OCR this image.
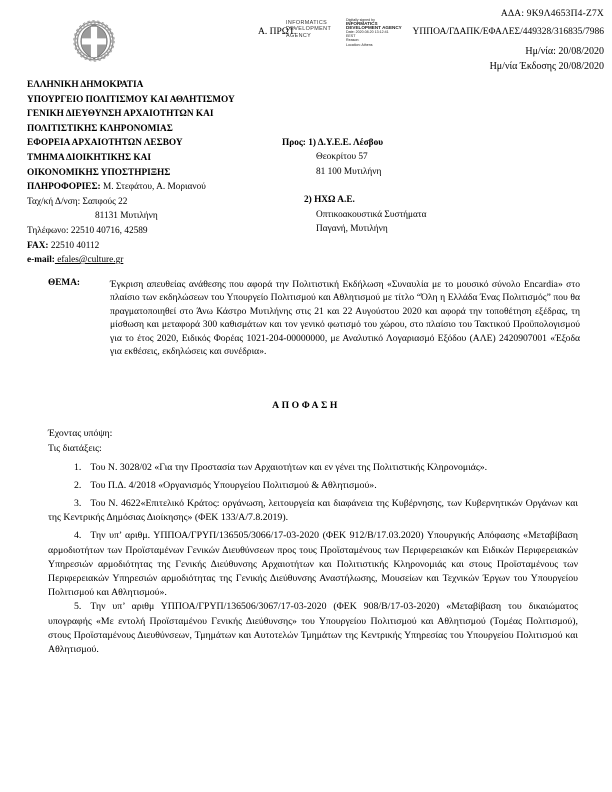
ΑΔΑ: 9Κ9Λ4653Π4-Ζ7Χ
Α. ΠΡΩΤ.	ΥΠΠΟΑ/ΓΔΑΠΚ/ΕΦΑΛΕΣ/449328/316835/7986
Ημ/νία: 20/08/2020
Ημ/νία Έκδοσης 20/08/2020
INFORMATICS
DEVELOPMENT
AGENCY
Digitally signed by
INFORMATICS
DEVELOPMENT AGENCY
Date: 2020.08.20 13:12:41
EEST
Reason:
Location: Athens
ΕΛΛΗΝΙΚΗ ΔΗΜΟΚΡΑΤΙΑ
ΥΠΟΥΡΓΕΙΟ ΠΟΛΙΤΙΣΜΟΥ ΚΑΙ ΑΘΛΗΤΙΣΜΟΥ
ΓΕΝΙΚΗ ΔΙΕΥΘΥΝΣΗ ΑΡΧΑΙΟΤΗΤΩΝ ΚΑΙ
ΠΟΛΙΤΙΣΤΙΚΗΣ ΚΛΗΡΟΝΟΜΙΑΣ
ΕΦΟΡΕΙΑ ΑΡΧΑΙΟΤΗΤΩΝ ΛΕΣΒΟΥ
ΤΜΗΜΑ ΔΙΟΙΚΗΤΙΚΗΣ ΚΑΙ
ΟΙΚΟΝΟΜΙΚΗΣ ΥΠΟΣΤΗΡΙΞΗΣ
ΠΛΗΡΟΦΟΡΙΕΣ: Μ. Στεφάτου, Α. Μοριανού
Ταχ/κή Δ/νση: Σαπφούς 22
81131 Μυτιλήνη
Τηλέφωνο: 22510 40716, 42589
FAX: 22510 40112
e-mail: efales@culture.gr
Προς: 1) Δ.Υ.Ε.Ε. Λέσβου
Θεοκρίτου 57
81 100 Μυτιλήνη
2) ΗΧΩ Α.Ε.
Οπτικοακουστικά Συστήματα
Παγανή, Μυτιλήνη
ΘΕΜΑ:	Έγκριση απευθείας ανάθεσης που αφορά την Πολιτιστική Εκδήλωση «Συναυλία με το μουσικό σύνολο Encardia» στο πλαίσιο των εκδηλώσεων του Υπουργείο Πολιτισμού και Αθλητισμού με τίτλο “Όλη η Ελλάδα Ένας Πολιτισμός” που θα πραγματοποιηθεί στο Άνω Κάστρο Μυτιλήνης στις 21 και 22 Αυγούστου 2020 και αφορά την τοποθέτηση εξέδρας, τη μίσθωση και μεταφορά 300 καθισμάτων και τον γενικό φωτισμό του χώρου, στο πλαίσιο του Τακτικού Προϋπολογισμού για το έτος 2020, Ειδικός Φορέας 1021-204-00000000, με Αναλυτικό Λογαριασμό Εξόδου (ΑΛΕ) 2420907001 «Έξοδα για εκθέσεις, εκδηλώσεις και συνέδρια».
ΑΠΟΦΑΣΗ
Έχοντας υπόψη:
Τις διατάξεις:
1. Του Ν. 3028/02 «Για την Προστασία των Αρχαιοτήτων και εν γένει της Πολιτιστικής Κληρονομιάς».
2. Του Π.Δ. 4/2018 «Οργανισμός Υπουργείου Πολιτισμού & Αθλητισμού».
3. Του Ν. 4622«Επιτελικό Κράτος: οργάνωση, λειτουργεία και διαφάνεια της Κυβέρνησης, των Κυβερνητικών Οργάνων και της Κεντρικής Δημόσιας Διοίκησης» (ΦΕΚ 133/Α/7.8.2019).
4. Την υπ’ αριθμ. ΥΠΠΟΑ/ΓΡΥΠ/136505/3066/17-03-2020 (ΦΕΚ 912/Β/17.03.2020) Υπουργικής Απόφασης «Μεταβίβαση αρμοδιοτήτων των Προϊσταμένων Γενικών Διευθύνσεων προς τους Προϊσταμένους των Περιφερειακών και Ειδικών Περιφερειακών Υπηρεσιών αρμοδιότητας της Γενικής Διεύθυνσης Αρχαιοτήτων και Πολιτιστικής Κληρονομιάς και στους Προϊσταμένους των Περιφερειακών Υπηρεσιών αρμοδιότητας της Γενικής Διεύθυνσης Αναστήλωσης, Μουσείων και Τεχνικών Έργων του Υπουργείου Πολιτισμού και Αθλητισμού».
5. Την υπ’ αριθμ ΥΠΠΟΑ/ΓΡΥΠ/136506/3067/17-03-2020 (ΦΕΚ 908/Β/17-03-2020) «Μεταβίβαση του δικαιώματος υπογραφής «Με εντολή Προϊσταμένου Γενικής Διεύθυνσης» του Υπουργείου Πολιτισμού και Αθλητισμού (Τομέας Πολιτισμού), στους Προϊσταμένους Διευθύνσεων, Τμημάτων και Αυτοτελών Τμημάτων της Κεντρικής Υπηρεσίας του Υπουργείου Πολιτισμού και Αθλητισμού.
